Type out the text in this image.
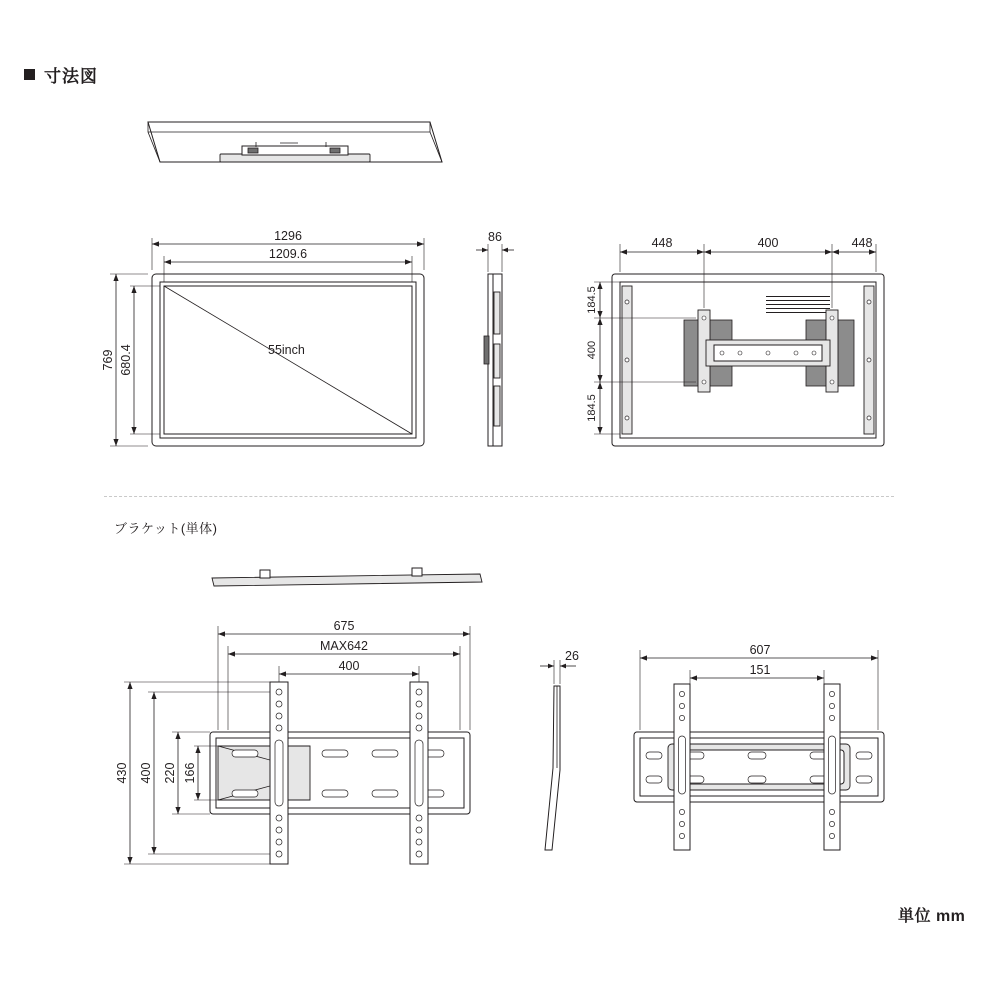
寸法図
55inch
1296
1209.6
769 680.4
86	448	400	448
184.5
400
184.5
ブラケット(単体)
675
MAX642
400
430 400 220 166
26	607
151
単位 mm
